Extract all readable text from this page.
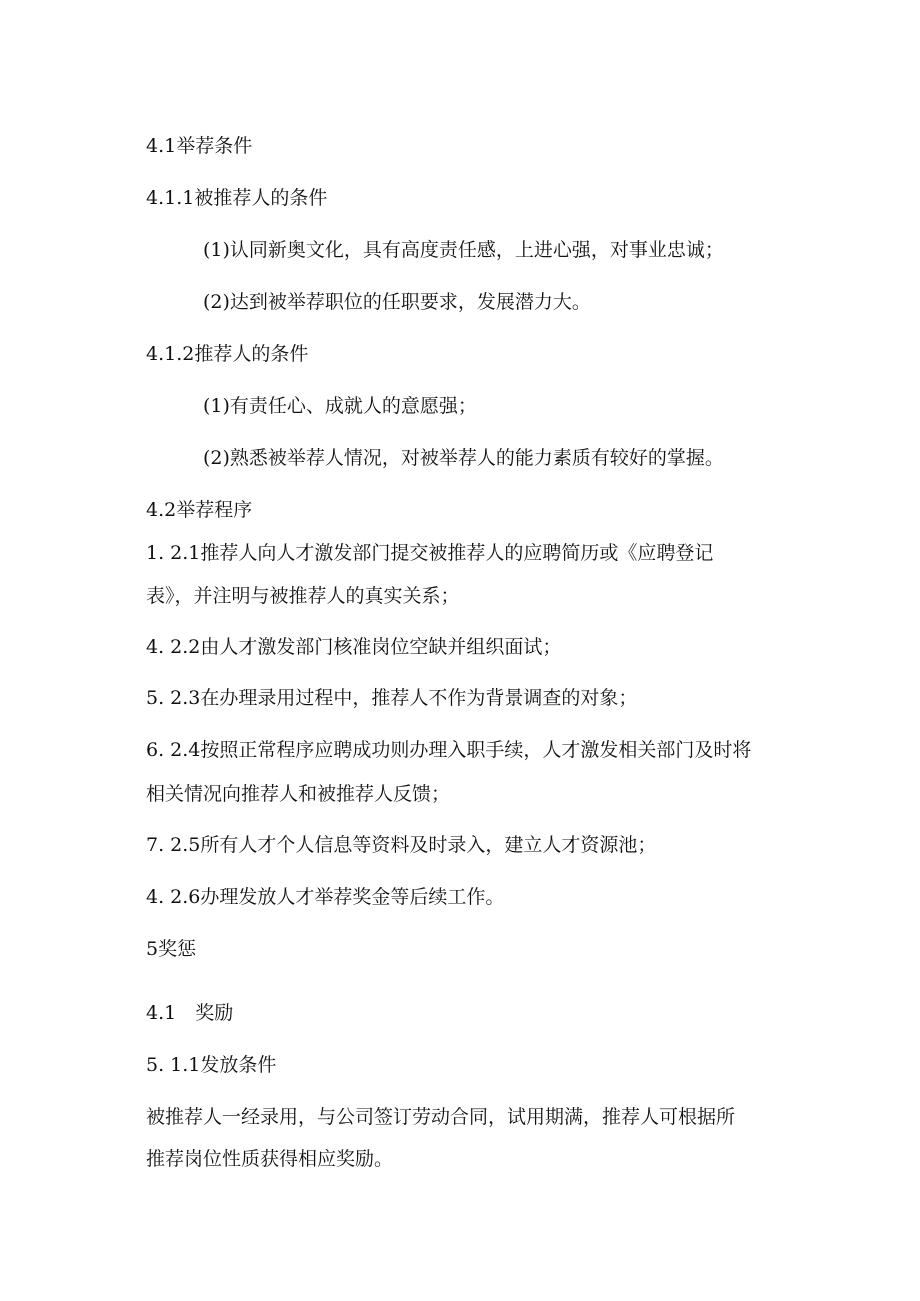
4.1举荐条件
4.1.1被推荐人的条件
(1)认同新奥文化，具有高度责任感，上进心强，对事业忠诚；
(2)达到被举荐职位的任职要求，发展潜力大。
4.1.2推荐人的条件
(1)有责任心、成就人的意愿强；
(2)熟悉被举荐人情况，对被举荐人的能力素质有较好的掌握。
4.2举荐程序
1. 2.1推荐人向人才激发部门提交被推荐人的应聘简历或《应聘登记
表》，并注明与被推荐人的真实关系；
4. 2.2由人才激发部门核准岗位空缺并组织面试；
5. 2.3在办理录用过程中，推荐人不作为背景调查的对象；
6. 2.4按照正常程序应聘成功则办理入职手续，人才激发相关部门及时将
相关情况向推荐人和被推荐人反馈；
7. 2.5所有人才个人信息等资料及时录入，建立人才资源池；
4. 2.6办理发放人才举荐奖金等后续工作。
5奖惩
4.1　奖励
5. 1.1发放条件
被推荐人一经录用，与公司签订劳动合同，试用期满，推荐人可根据所
推荐岗位性质获得相应奖励。
